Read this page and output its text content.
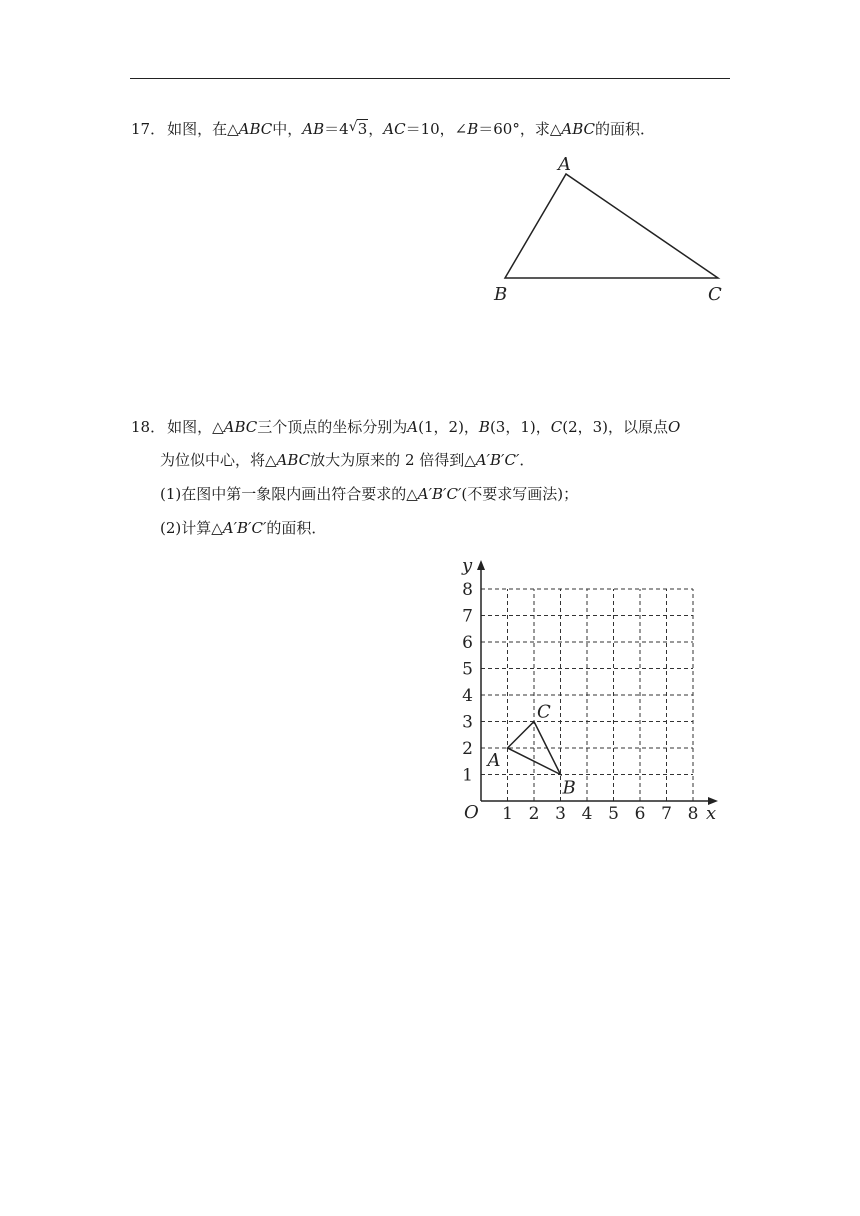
17． 如图，在△ABC中，AB＝4 √ 3，AC＝10，∠B＝60°，求△ABC的面积．
A
B	C
18． 如图，△ABC三个顶点的坐标分别为A(1，2)，B(3，1)，C(2，3)，以原点O
为位似中心，将△ABC放大为原来的 2 倍得到△A′B′C′．
(1)在图中第一象限内画出符合要求的△A′B′C′(不要求写画法)；
(2)计算△A′B′C′的面积．
1 2 3 4 5 6 7 8
1
2
3
4
5
6
7
8
y
x
O
A
B
C
